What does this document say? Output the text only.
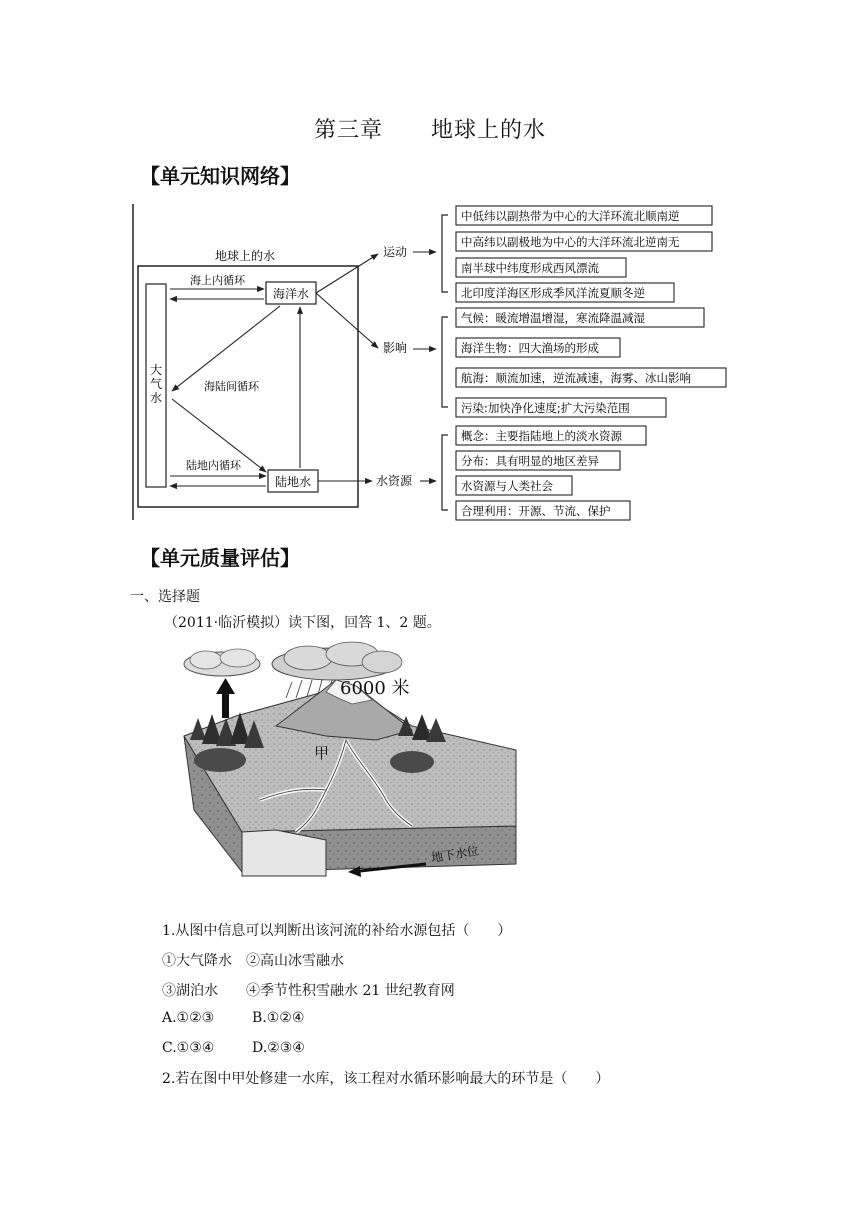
第三章 地球上的水
【单元知识网络】
地球上的水
大气水
海洋水
陆地水
海上内循环
海陆间循环
陆地内循环
运动
影响
水资源
中低纬以副热带为中心的大洋环流北顺南逆
中高纬以副极地为中心的大洋环流北逆南无
南半球中纬度形成西风漂流
北印度洋海区形成季风洋流夏顺冬逆
气候：暖流增温增湿，寒流降温减湿
海洋生物：四大渔场的形成
航海：顺流加速，逆流减速，海雾、冰山影响
污染:加快净化速度;扩大污染范围
概念：主要指陆地上的淡水资源
分布：具有明显的地区差异
水资源与人类社会
合理利用：开源、节流、保护
【单元质量评估】
一、选择题
（2011·临沂模拟）读下图，回答 1、2 题。
6000 米
甲
地下水位
1.从图中信息可以判断出该河流的补给水源包括（　　）
①大气降水　②高山冰雪融水
③湖泊水　　④季节性积雪融水 21 世纪教育网
A.①②③	B.①②④
C.①③④	D.②③④
2.若在图中甲处修建一水库，该工程对水循环影响最大的环节是（　　）
